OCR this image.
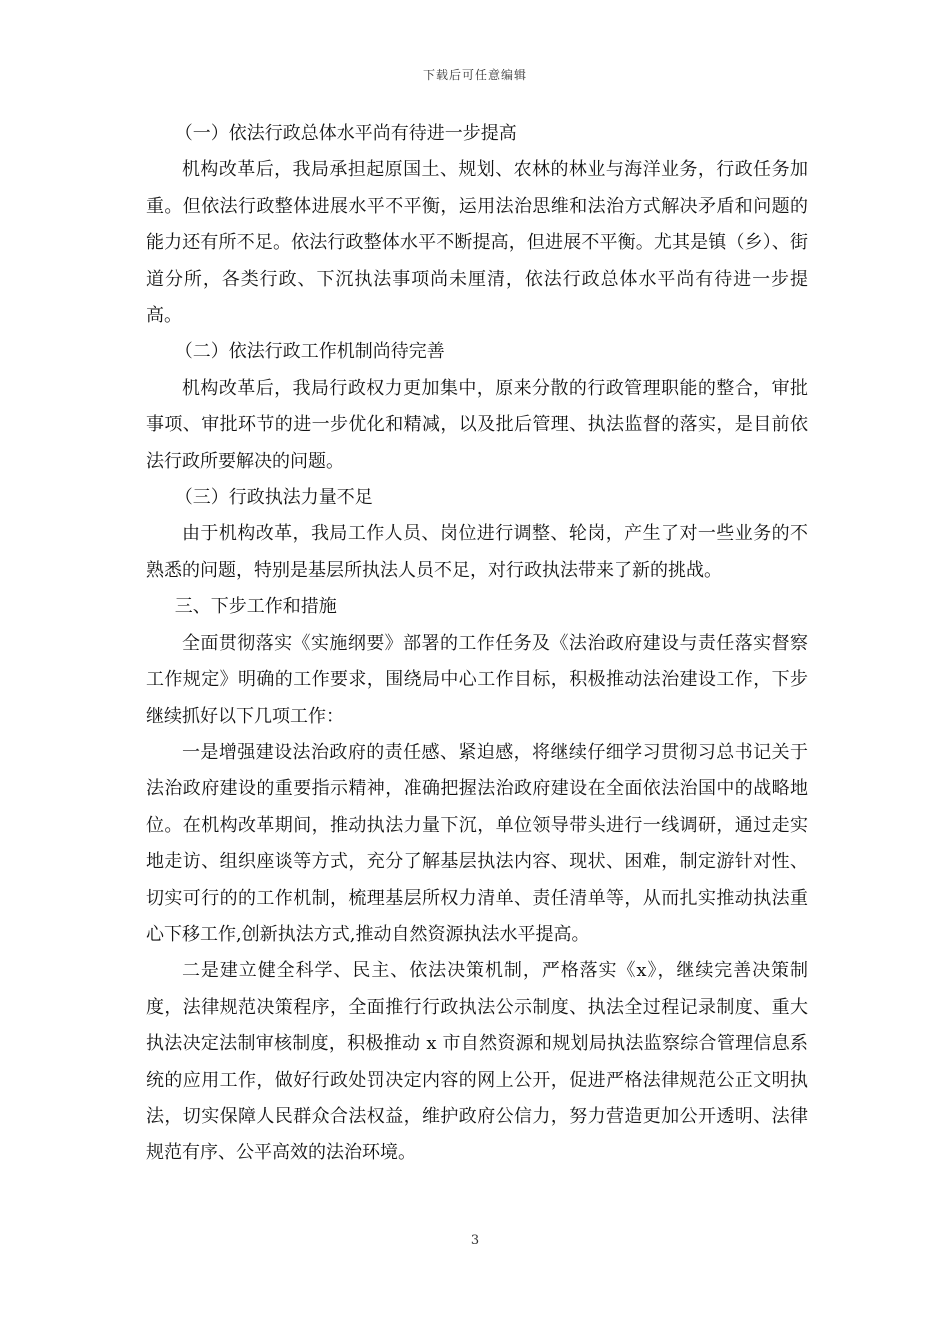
下载后可任意编辑

（一）依法行政总体水平尚有待进一步提高

机构改革后，我局承担起原国土、规划、农林的林业与海洋业务，行政任务加重。但依法行政整体进展水平不平衡，运用法治思维和法治方式解决矛盾和问题的能力还有所不足。依法行政整体水平不断提高，但进展不平衡。尤其是镇（乡）、街道分所，各类行政、下沉执法事项尚未厘清，依法行政总体水平尚有待进一步提高。

（二）依法行政工作机制尚待完善

机构改革后，我局行政权力更加集中，原来分散的行政管理职能的整合，审批事项、审批环节的进一步优化和精减，以及批后管理、执法监督的落实，是目前依法行政所要解决的问题。

（三）行政执法力量不足

由于机构改革，我局工作人员、岗位进行调整、轮岗，产生了对一些业务的不熟悉的问题，特别是基层所执法人员不足，对行政执法带来了新的挑战。

三、下步工作和措施

全面贯彻落实《实施纲要》部署的工作任务及《法治政府建设与责任落实督察工作规定》明确的工作要求，围绕局中心工作目标，积极推动法治建设工作，下步继续抓好以下几项工作：

一是增强建设法治政府的责任感、紧迫感，将继续仔细学习贯彻习总书记关于法治政府建设的重要指示精神，准确把握法治政府建设在全面依法治国中的战略地位。在机构改革期间，推动执法力量下沉，单位领导带头进行一线调研，通过走实地走访、组织座谈等方式，充分了解基层执法内容、现状、困难，制定游针对性、切实可行的的工作机制，梳理基层所权力清单、责任清单等，从而扎实推动执法重心下移工作,创新执法方式,推动自然资源执法水平提高。

二是建立健全科学、民主、依法决策机制，严格落实《x》，继续完善决策制度，法律规范决策程序，全面推行行政执法公示制度、执法全过程记录制度、重大执法决定法制审核制度，积极推动 x 市自然资源和规划局执法监察综合管理信息系统的应用工作，做好行政处罚决定内容的网上公开，促进严格法律规范公正文明执法，切实保障人民群众合法权益，维护政府公信力，努力营造更加公开透明、法律规范有序、公平高效的法治环境。

3
